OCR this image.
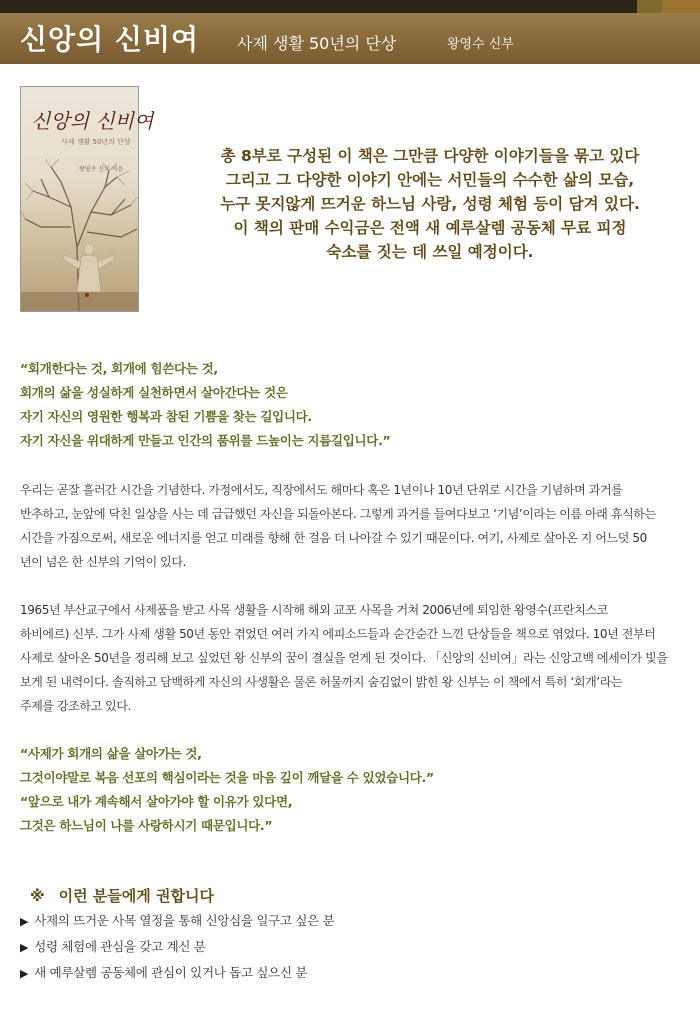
신앙의 신비여 사제 생활 50년의 단상	왕영수 신부
신앙의 신비여
사제 생활 50년의 단상
왕영수 신부 지음
총 8부로 구성된 이 책은 그만큼 다양한 이야기들을 묶고 있다
그리고 그 다양한 이야기 안에는 서민들의 수수한 삶의 모습,
누구 못지않게 뜨거운 하느님 사랑, 성령 체험 등이 담겨 있다.
이 책의 판매 수익금은 전액 새 예루살렘 공동체 무료 피정
숙소를 짓는 데 쓰일 예정이다.
“회개한다는 것, 회개에 힘쓴다는 것,
회개의 삶을 성실하게 실천하면서 살아간다는 것은
자기 자신의 영원한 행복과 참된 기쁨을 찾는 길입니다.
자기 자신을 위대하게 만들고 인간의 품위를 드높이는 지름길입니다.”
우리는 곧잘 흘러간 시간을 기념한다. 가정에서도, 직장에서도 해마다 혹은 1년이나 10년 단위로 시간을 기념하며 과거를
반추하고, 눈앞에 닥친 일상을 사는 데 급급했던 자신을 되돌아본다. 그렇게 과거를 들여다보고 ‘기념’이라는 이름 아래 휴식하는
시간을 가짐으로써, 새로운 에너지를 얻고 미래를 향해 한 걸음 더 나아갈 수 있기 때문이다. 여기, 사제로 살아온 지 어느덧 50
년이 넘은 한 신부의 기억이 있다.
1965년 부산교구에서 사제품을 받고 사목 생활을 시작해 해외 교포 사목을 거쳐 2006년에 퇴임한 왕영수(프란치스코
하비에르) 신부. 그가 사제 생활 50년 동안 겪었던 여러 가지 에피소드들과 순간순간 느낀 단상들을 책으로 엮었다. 10년 전부터
사제로 살아온 50년을 정리해 보고 싶었던 왕 신부의 꿈이 결실을 얻게 된 것이다. 「신앙의 신비여」라는 신앙고백 에세이가 빛을
보게 된 내력이다. 솔직하고 담백하게 자신의 사생활은 물론 허물까지 숨김없이 밝힌 왕 신부는 이 책에서 특히 ‘회개’라는
주제를 강조하고 있다.
“사제가 회개의 삶을 살아가는 것,
그것이야말로 복음 선포의 핵심이라는 것을 마음 깊이 깨달을 수 있었습니다.”
“앞으로 내가 계속해서 살아가야 할 이유가 있다면,
그것은 하느님이 나를 사랑하시기 때문입니다.”
※ 이런 분들에게 권합니다
▶ 사제의 뜨거운 사목 열정을 통해 신앙심을 일구고 싶은 분
▶ 성령 체험에 관심을 갖고 계신 분
▶ 새 예루살렘 공동체에 관심이 있거나 돕고 싶으신 분
